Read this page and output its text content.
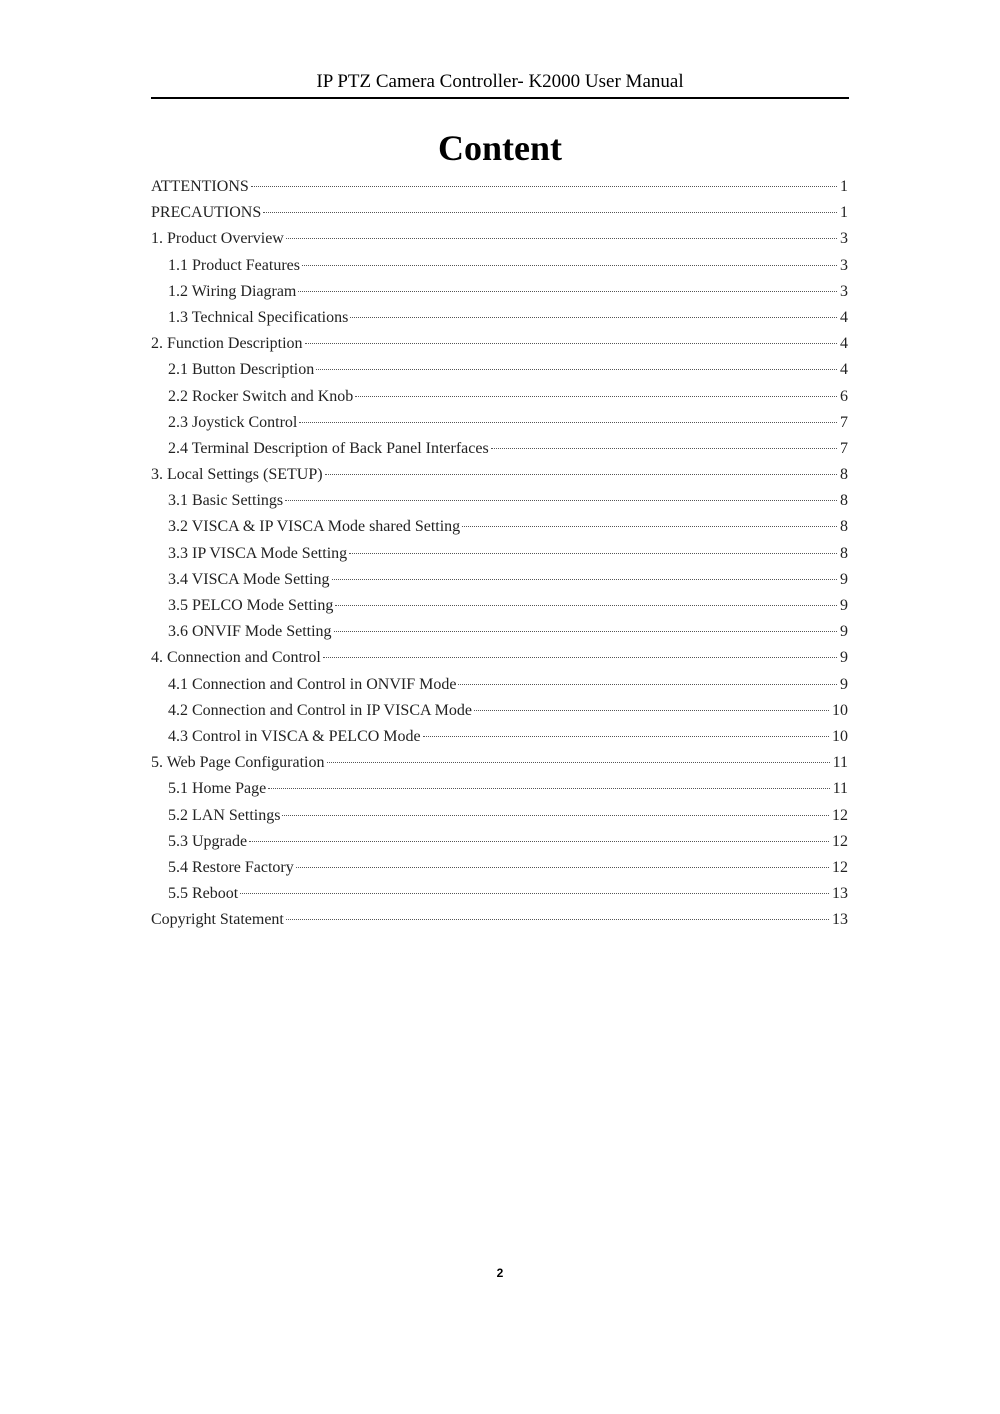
IP PTZ Camera Controller- K2000 User Manual
Content
ATTENTIONS	1
PRECAUTIONS	1
1. Product Overview	3
1.1 Product Features	3
1.2 Wiring Diagram	3
1.3 Technical Specifications	4
2. Function Description	4
2.1 Button Description	4
2.2 Rocker Switch and Knob	6
2.3 Joystick Control	7
2.4 Terminal Description of Back Panel Interfaces	7
3. Local Settings (SETUP)	8
3.1 Basic Settings	8
3.2 VISCA & IP VISCA Mode shared Setting	8
3.3 IP VISCA Mode Setting	8
3.4 VISCA Mode Setting	9
3.5 PELCO Mode Setting	9
3.6 ONVIF Mode Setting	9
4. Connection and Control	9
4.1 Connection and Control in ONVIF Mode	9
4.2 Connection and Control in IP VISCA Mode	10
4.3 Control in VISCA & PELCO Mode	10
5. Web Page Configuration	11
5.1 Home Page	11
5.2 LAN Settings	12
5.3 Upgrade	12
5.4 Restore Factory	12
5.5 Reboot	13
Copyright Statement	13
2
